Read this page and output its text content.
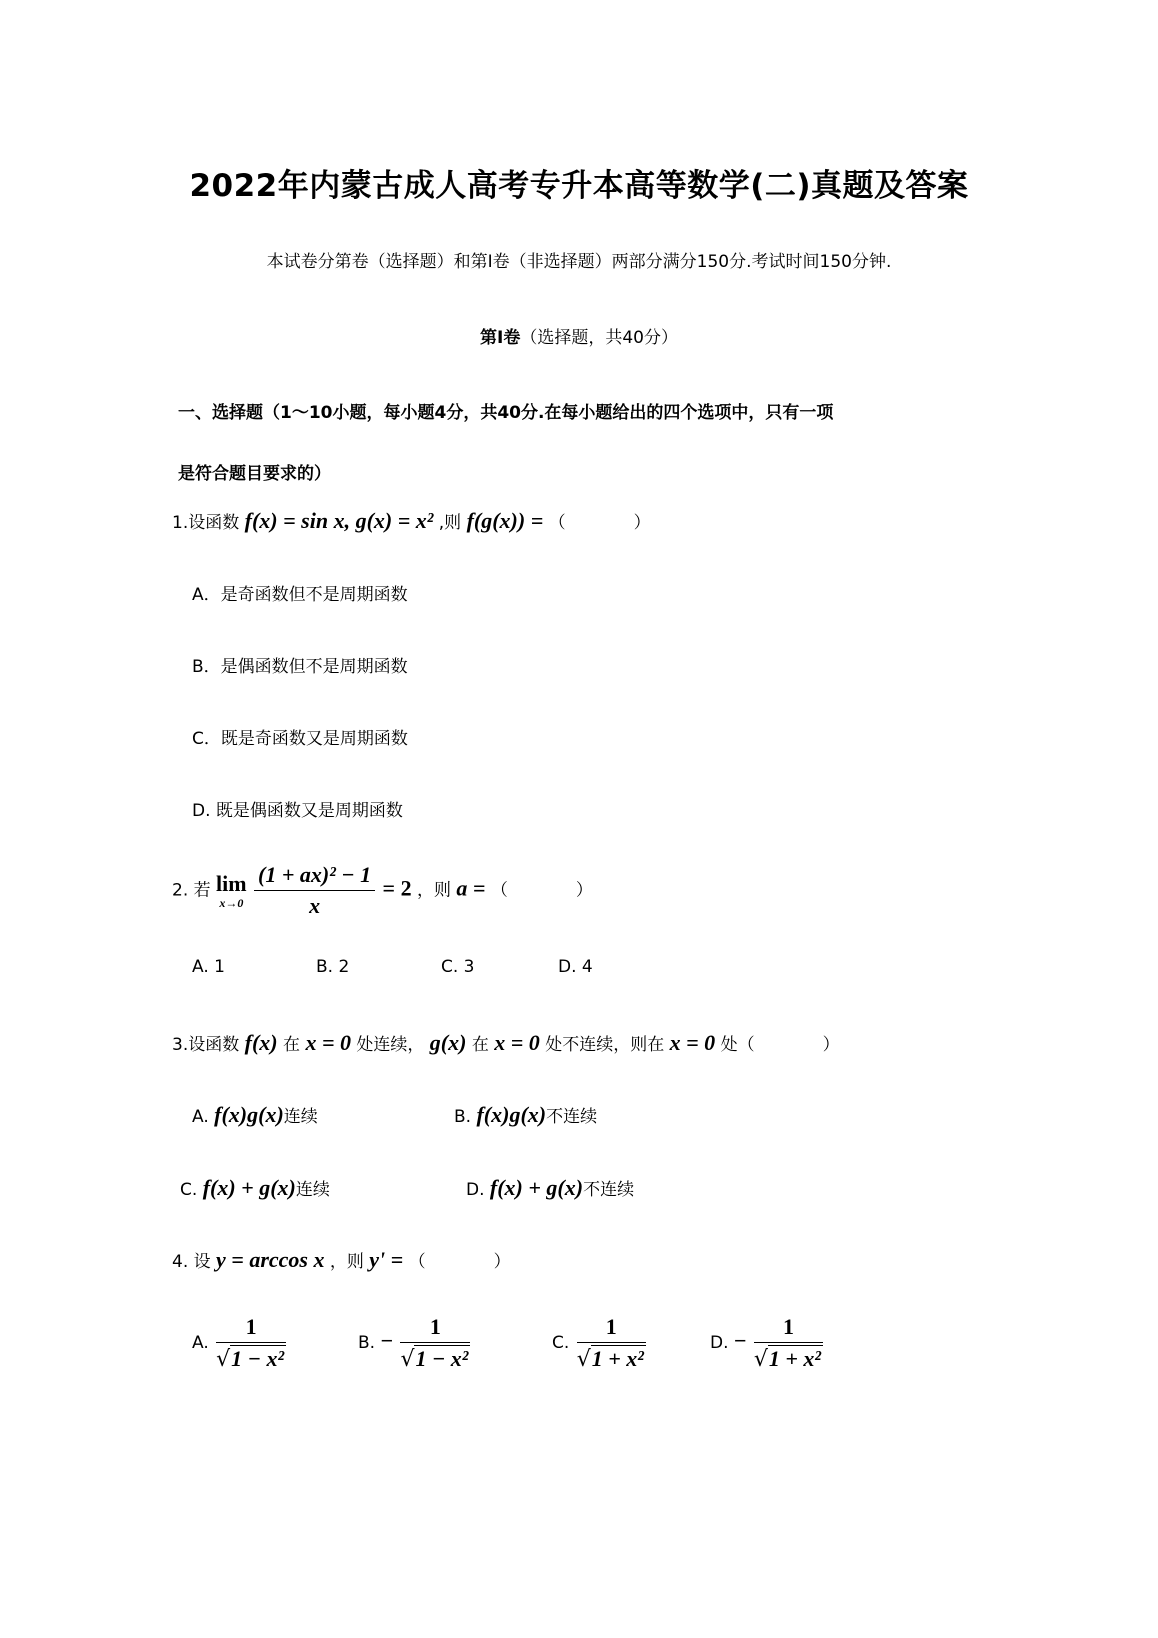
2022年内蒙古成人高考专升本高等数学(二)真题及答案
本试卷分第卷（选择题）和第Ⅰ卷（非选择题）两部分满分150分.考试时间150分钟.
第Ⅰ卷（选择题，共40分）
一、选择题（1～10小题，每小题4分，共40分.在每小题给出的四个选项中，只有一项
是符合题目要求的）
1.设函数 f(x) = sin x, g(x) = x² ,则 f(g(x)) = （　　　　）
A．是奇函数但不是周期函数
B．是偶函数但不是周期函数
C．既是奇函数又是周期函数
D. 既是偶函数又是周期函数
2. 若 lim
x→0
$\frac{\text{(1 + ax)² − 1}}{x} = 2$ ，则 a = （　　　　）
A. 1	B. 2	C. 3	D. 4
3.设函数 f(x) 在 x = 0 处连续， g(x) 在 x = 0 处不连续，则在 x = 0 处（　　　　）
A. f(x)g(x)连续	B. f(x)g(x)不连续
C. f(x) + g(x)连续	D. f(x) + g(x)不连续
4. 设 y = arccos x ，则 y' = （　　　　）
A. $\frac{1}{\text{√1 − x²}}$	B. − $\frac{1}{\text{√1 − x²}}$	C. $\frac{1}{\text{√1 + x²}}$	D. − $\frac{1}{\text{√1 + x²}}$
